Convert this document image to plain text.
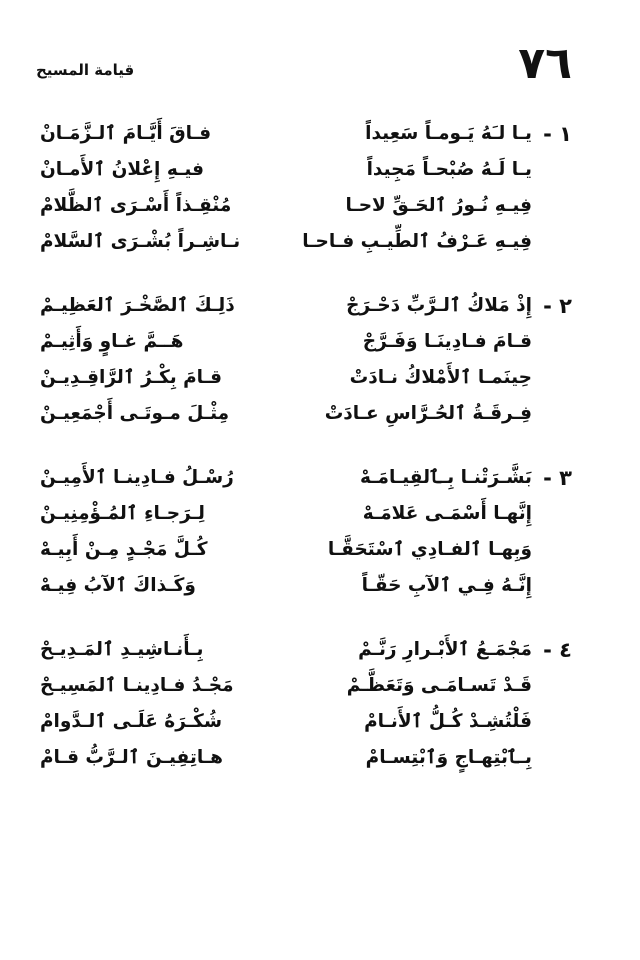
٧٦
قيامة المسيح
١ -
يـا لـَهُ يَـومـاً سَعِيداً
فـاقَ أَيَّـامَ ٱلـزَّمَـانْ
يـا لَـهُ صُبْحـاً مَجِيداً
فيـهِ إِعْلانُ ٱلأَمـانْ
فِيـهِ نُـورُ ٱلحَـقِّ لاحـا
مُنْقِـذاً أَسْـرَى ٱلظَّلامْ
فِيـهِ عَـرْفُ ٱلطِّيـبِ فـاحـا
نـاشِـراً بُشْـرَى ٱلسَّلامْ
٢ -
إِذْ مَلاكُ ٱلـرَّبِّ دَحْـرَجْ
ذَلِـكَ ٱلصَّخْـرَ ٱلعَظِيـمْ
قـامَ فـادِينَـا وَفَـرَّجْ
هَــمَّ غـاوٍ وَأَثِيـمْ
حِينَمـا ٱلأَمْلاكُ نـادَتْ
قـامَ بِكْـرُ ٱلرَّاقِـدِيـنْ
فِـرقَـةُ ٱلحُـرَّاسِ عـادَتْ
مِثْـلَ مـوتَـى أَجْمَعِيـنْ
٣ -
بَشَّـرَتْنـا بِـٱلقِيـامَـهْ
رُسْـلُ فـادِينـا ٱلأَمِيـنْ
إِنَّهـا أَسْمَـى عَلامَـهْ
لِـرَجـاءِ ٱلمُـؤْمِنِيـنْ
وَبِهـا ٱلفـادِي ٱسْتَحَقَّـا
كُـلَّ مَجْـدٍ مِـنْ أَبِيـهْ
إِنَّـهُ فِـي ٱلآبِ حَقّـاً
وَكَـذاكَ ٱلآبُ فِيـهْ
٤ -
مَجْمَـعُ ٱلأَبْـرارِ رَنَّـمْ
بِـأَنـاشِيـدِ ٱلمَـدِيـحْ
قَـدْ تَسـامَـى وَتَعَظَّـمْ
مَجْـدُ فـادِينـا ٱلمَسِيـحْ
فَلْتُشِـدْ كُـلُّ ٱلأَنـامْ
شُكْـرَهُ عَلَـى ٱلـدَّوامْ
بِـٱبْتِهـاجٍ وَٱبْتِسـامْ
هـاتِفِيـنَ ٱلـرَّبُّ قـامْ
